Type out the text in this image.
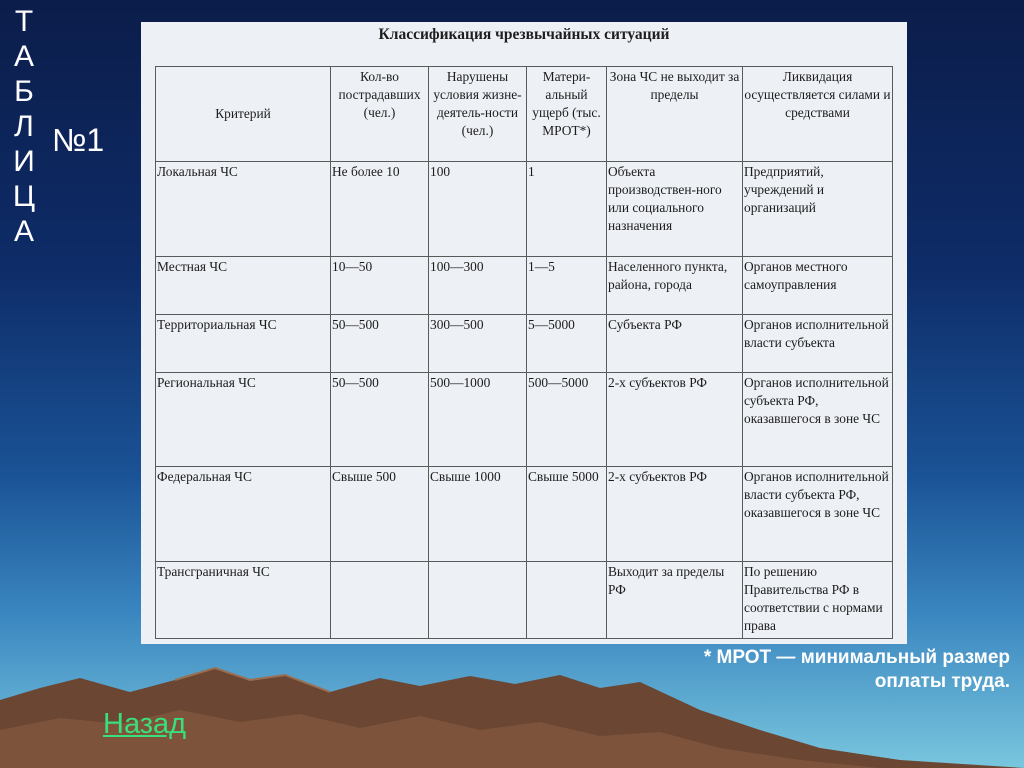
Т
А
Б
Л
И
Ц
А
№1
Классификация чрезвычайных ситуаций
Критерий	Кол-во пострадавших (чел.)	Нарушены условия жизне-деятель-ности (чел.)	Матери-альный ущерб (тыс. МРОТ*)	Зона ЧС не выходит за пределы	Ликвидация осуществляется силами и средствами
Локальная ЧС	Не более 10	100	1	Объекта производствен-ного или социального назначения	Предприятий, учреждений и организаций
Местная ЧС	10—50	100—300	1—5	Населенного пункта, района, города	Органов местного самоуправления
Территориальная ЧС	50—500	300—500	5—5000	Субъекта РФ	Органов исполнительной власти субъекта
Региональная ЧС	50—500	500—1000	500—5000	2-х субъектов РФ	Органов исполнительной субъекта РФ, оказавшегося в зоне ЧС
Федеральная ЧС	Свыше 500	Свыше 1000	Свыше 5000	2-х субъектов РФ	Органов исполнительной власти субъекта РФ, оказавшегося в зоне ЧС
Трансграничная ЧС				Выходит за пределы РФ	По решению Правительства РФ в соответствии с нормами права
* МРОТ — минимальный размер оплаты труда.
Назад
